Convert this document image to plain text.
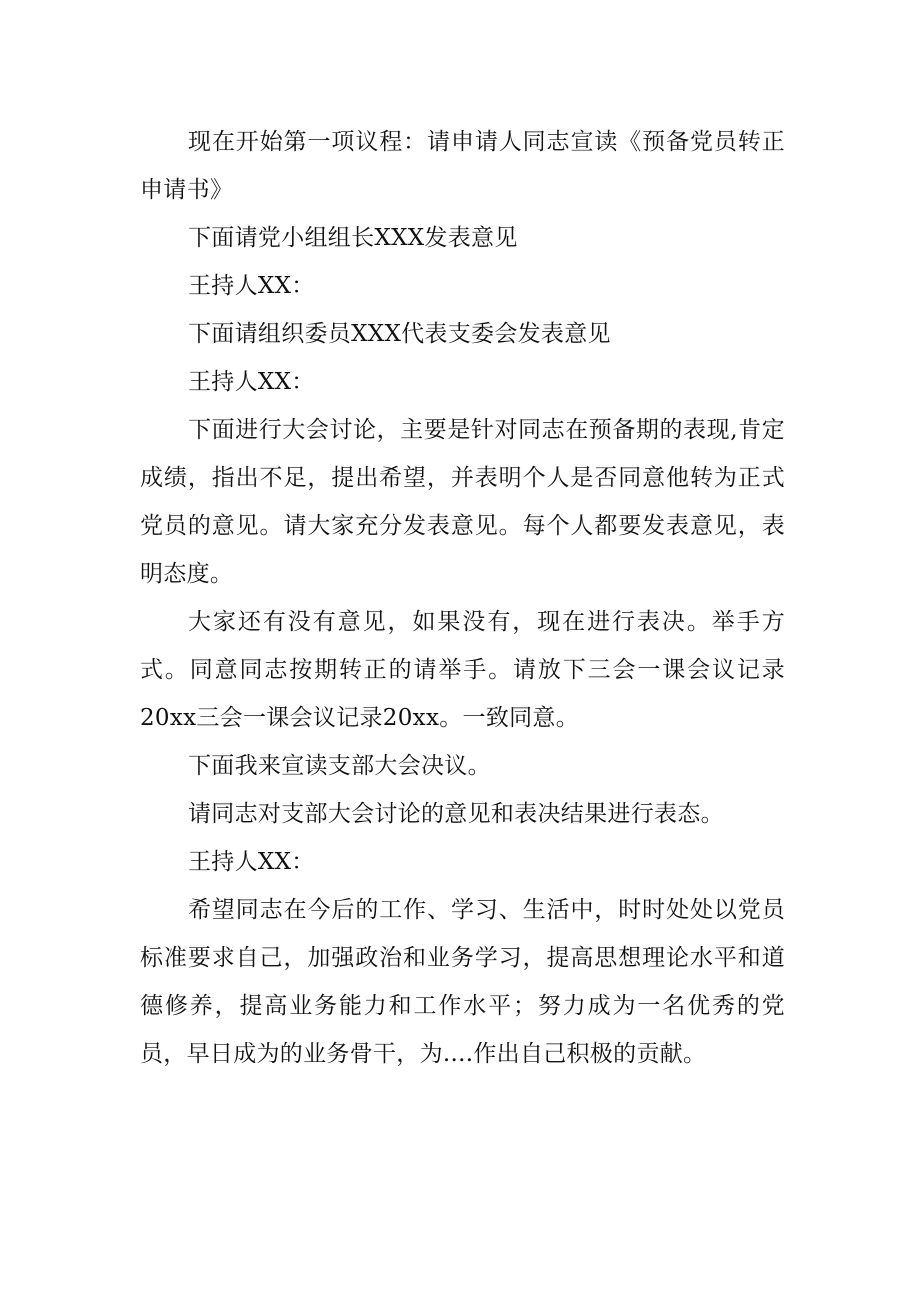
现在开始第一项议程：请申请人同志宣读《预备党员转正申请书》

下面请党小组组长XXX发表意见

王持人XX：

下面请组织委员XXX代表支委会发表意见

王持人XX：

下面进行大会讨论，主要是针对同志在预备期的表现,肯定成绩，指出不足，提出希望，并表明个人是否同意他转为正式党员的意见。请大家充分发表意见。每个人都要发表意见，表明态度。

大家还有没有意见，如果没有，现在进行表决。举手方式。同意同志按期转正的请举手。请放下三会一课会议记录20xx三会一课会议记录20xx。一致同意。

下面我来宣读支部大会决议。

请同志对支部大会讨论的意见和表决结果进行表态。

王持人XX：

希望同志在今后的工作、学习、生活中，时时处处以党员标准要求自己，加强政治和业务学习，提高思想理论水平和道德修养，提高业务能力和工作水平；努力成为一名优秀的党员，早日成为的业务骨干，为....作出自己积极的贡献。
